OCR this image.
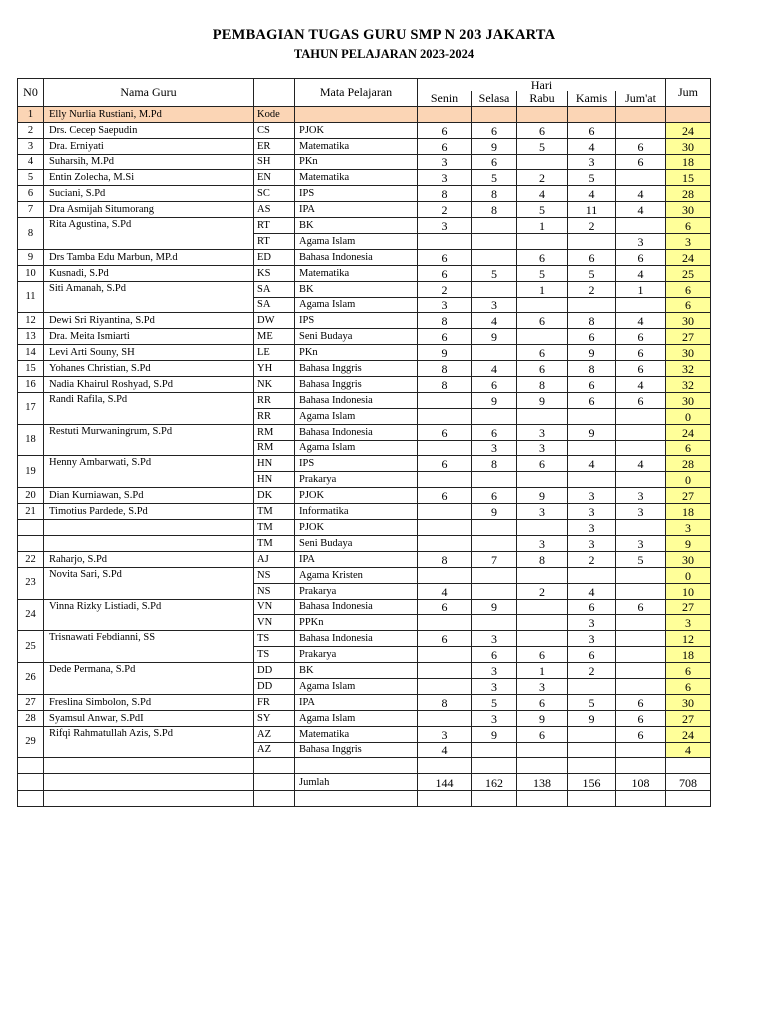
PEMBAGIAN TUGAS GURU SMP N 203 JAKARTA
TAHUN PELAJARAN 2023-2024
N0	Nama Guru		Mata Pelajaran	Hari					Jum
				Senin	Selasa	Rabu	Kamis	Jum'at	
1	Elly Nurlia Rustiani, M.Pd	Kode							
2	Drs. Cecep Saepudin	CS	PJOK	6	6	6	6		24
3	Dra. Erniyati	ER	Matematika	6	9	5	4	6	30
4	Suharsih, M.Pd	SH	PKn	3	6		3	6	18
5	Entin Zolecha, M.Si	EN	Matematika	3	5	2	5		15
6	Suciani, S.Pd	SC	IPS	8	8	4	4	4	28
7	Dra Asmijah Situmorang	AS	IPA	2	8	5	11	4	30
8	Rita Agustina, S.Pd	RT	BK	3		1	2		6
		RT	Agama Islam					3	3
9	Drs Tamba Edu Marbun, MP.d	ED	Bahasa Indonesia	6		6	6	6	24
10	Kusnadi, S.Pd	KS	Matematika	6	5	5	5	4	25
11	Siti Amanah, S.Pd	SA	BK	2		1	2	1	6
		SA	Agama Islam	3	3				6
12	Dewi Sri Riyantina, S.Pd	DW	IPS	8	4	6	8	4	30
13	Dra. Meita Ismiarti	ME	Seni Budaya	6	9		6	6	27
14	Levi Arti Souny, SH	LE	PKn	9		6	9	6	30
15	Yohanes Christian, S.Pd	YH	Bahasa Inggris	8	4	6	8	6	32
16	Nadia Khairul Roshyad, S.Pd	NK	Bahasa Inggris	8	6	8	6	4	32
17	Randi Rafila, S.Pd	RR	Bahasa Indonesia		9	9	6	6	30
		RR	Agama Islam						0
18	Restuti Murwaningrum, S.Pd	RM	Bahasa Indonesia	6	6	3	9		24
		RM	Agama Islam		3	3			6
19	Henny Ambarwati, S.Pd	HN	IPS	6	8	6	4	4	28
		HN	Prakarya						0
20	Dian Kurniawan, S.Pd	DK	PJOK	6	6	9	3	3	27
21	Timotius Pardede, S.Pd	TM	Informatika		9	3	3	3	18
		TM	PJOK				3		3
		TM	Seni Budaya			3	3	3	9
22	Raharjo, S.Pd	AJ	IPA	8	7	8	2	5	30
23	Novita Sari, S.Pd	NS	Agama Kristen						0
		NS	Prakarya	4		2	4		10
24	Vinna Rizky Listiadi, S.Pd	VN	Bahasa Indonesia	6	9		6	6	27
		VN	PPKn				3		3
25	Trisnawati Febdianni, SS	TS	Bahasa Indonesia	6	3		3		12
		TS	Prakarya		6	6	6		18
26	Dede Permana, S.Pd	DD	BK		3	1	2		6
		DD	Agama Islam		3	3			6
27	Freslina Simbolon, S.Pd	FR	IPA	8	5	6	5	6	30
28	Syamsul Anwar, S.PdI	SY	Agama Islam		3	9	9	6	27
29	Rifqi Rahmatullah Azis, S.Pd	AZ	Matematika	3	9	6		6	24
		AZ	Bahasa Inggris	4					4

			Jumlah	144	162	138	156	108	708
